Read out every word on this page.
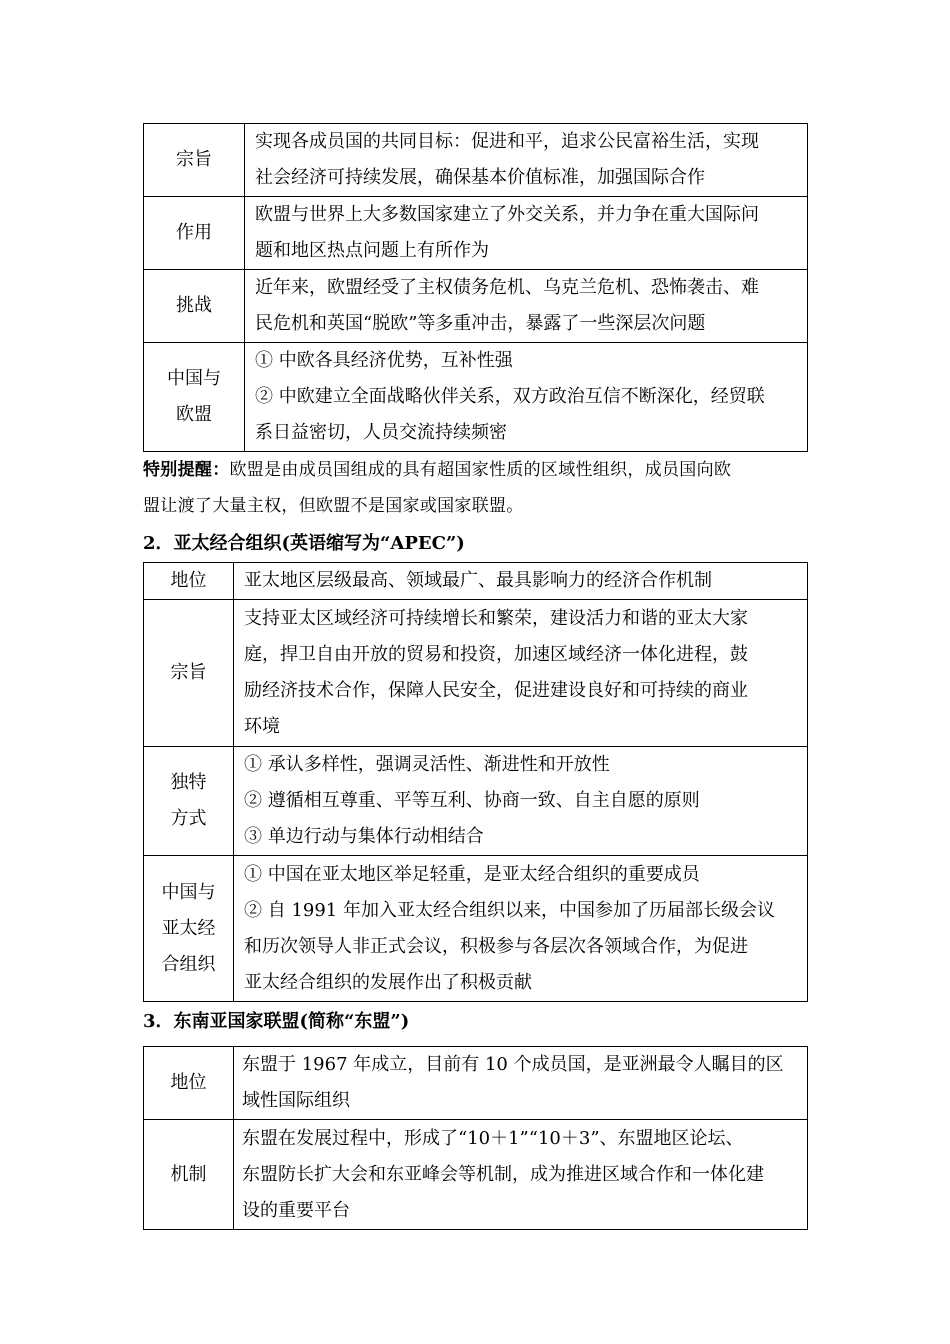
宗旨	实现各成员国的共同目标：促进和平，追求公民富裕生活，实现
社会经济可持续发展，确保基本价值标准，加强国际合作

作用	欧盟与世界上大多数国家建立了外交关系，并力争在重大国际问
题和地区热点问题上有所作为

挑战	近年来，欧盟经受了主权债务危机、乌克兰危机、恐怖袭击、难
民危机和英国“脱欧”等多重冲击，暴露了一些深层次问题

中国与
欧盟	① 中欧各具经济优势，互补性强
② 中欧建立全面战略伙伴关系，双方政治互信不断深化，经贸联
系日益密切，人员交流持续频密
特别提醒：欧盟是由成员国组成的具有超国家性质的区域性组织，成员国向欧
盟让渡了大量主权，但欧盟不是国家或国家联盟。
2．亚太经合组织(英语缩写为“APEC”)
地位	亚太地区层级最高、领域最广、最具影响力的经济合作机制

宗旨	支持亚太区域经济可持续增长和繁荣，建设活力和谐的亚太大家
庭，捍卫自由开放的贸易和投资，加速区域经济一体化进程，鼓
励经济技术合作，保障人民安全，促进建设良好和可持续的商业
环境

独特
方式	① 承认多样性，强调灵活性、渐进性和开放性
② 遵循相互尊重、平等互利、协商一致、自主自愿的原则
③ 单边行动与集体行动相结合

中国与
亚太经
合组织	① 中国在亚太地区举足轻重，是亚太经合组织的重要成员
② 自 1991 年加入亚太经合组织以来，中国参加了历届部长级会议
和历次领导人非正式会议，积极参与各层次各领域合作，为促进
亚太经合组织的发展作出了积极贡献
3．东南亚国家联盟(简称“东盟”)
地位	东盟于 1967 年成立，目前有 10 个成员国，是亚洲最令人瞩目的区
域性国际组织

机制	东盟在发展过程中，形成了“10＋1”“10＋3”、东盟地区论坛、
东盟防长扩大会和东亚峰会等机制，成为推进区域合作和一体化建
设的重要平台
